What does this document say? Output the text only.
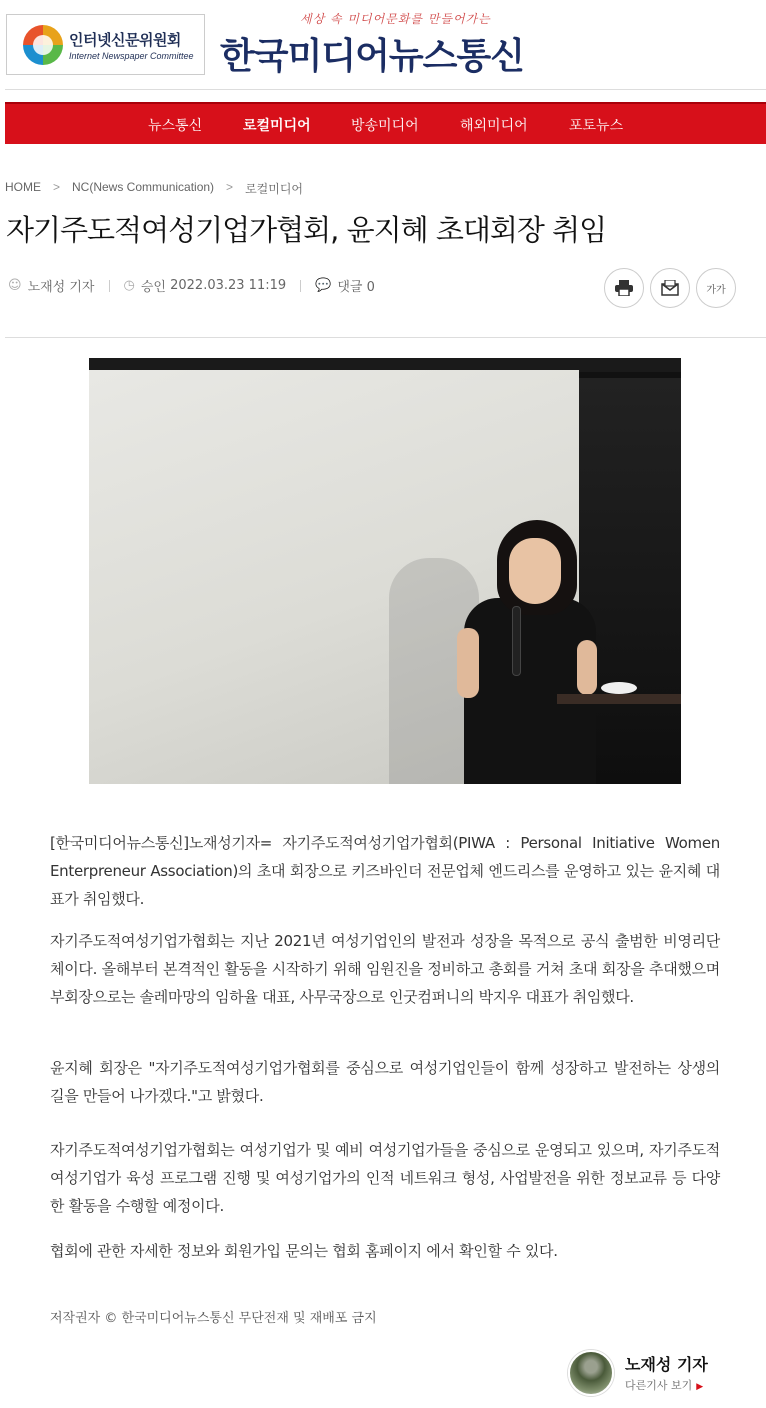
인터넷신문위원회
Internet Newspaper Committee
세상 속 미디어문화를 만들어가는
한국미디어뉴스통신
뉴스통신	로컬미디어	방송미디어	해외미디어	포토뉴스
HOME > NC(News Communication) > 로컬미디어
자기주도적여성기업가협회, 윤지혜 초대회장 취임
☺ 노재성 기자 ◷ 승인
2022.03.23 11:19 💬 댓글 0	가가

[한국미디어뉴스통신]노재성기자= 자기주도적여성기업가협회(PIWA : Personal Initiative Women Enterpreneur Association)의 초대 회장으로 키즈바인더 전문업체 엔드리스를 운영하고 있는 윤지혜 대표가 취임했다.

자기주도적여성기업가협회는 지난 2021년 여성기업인의 발전과 성장을 목적으로 공식 출범한 비영리단체이다. 올해부터 본격적인 활동을 시작하기 위해 임원진을 정비하고 총회를 거쳐 초대 회장을 추대했으며 부회장으로는 솔레마망의 임하율 대표, 사무국장으로 인굿컴퍼니의 박지우 대표가 취임했다.

윤지혜 회장은 "자기주도적여성기업가협회를 중심으로 여성기업인들이 함께 성장하고 발전하는 상생의 길을 만들어 나가겠다."고 밝혔다.

자기주도적여성기업가협회는 여성기업가 및 예비 여성기업가들을 중심으로 운영되고 있으며, 자기주도적 여성기업가 육성 프로그램 진행 및 여성기업가의 인적 네트워크 형성, 사업발전을 위한 정보교류 등 다양한 활동을 수행할 예정이다.

협회에 관한 자세한 정보와 회원가입 문의는 협회 홈페이지 에서 확인할 수 있다.

저작권자 © 한국미디어뉴스통신 무단전재 및 재배포 금지
노재성 기자
다른기사 보기 ▶
